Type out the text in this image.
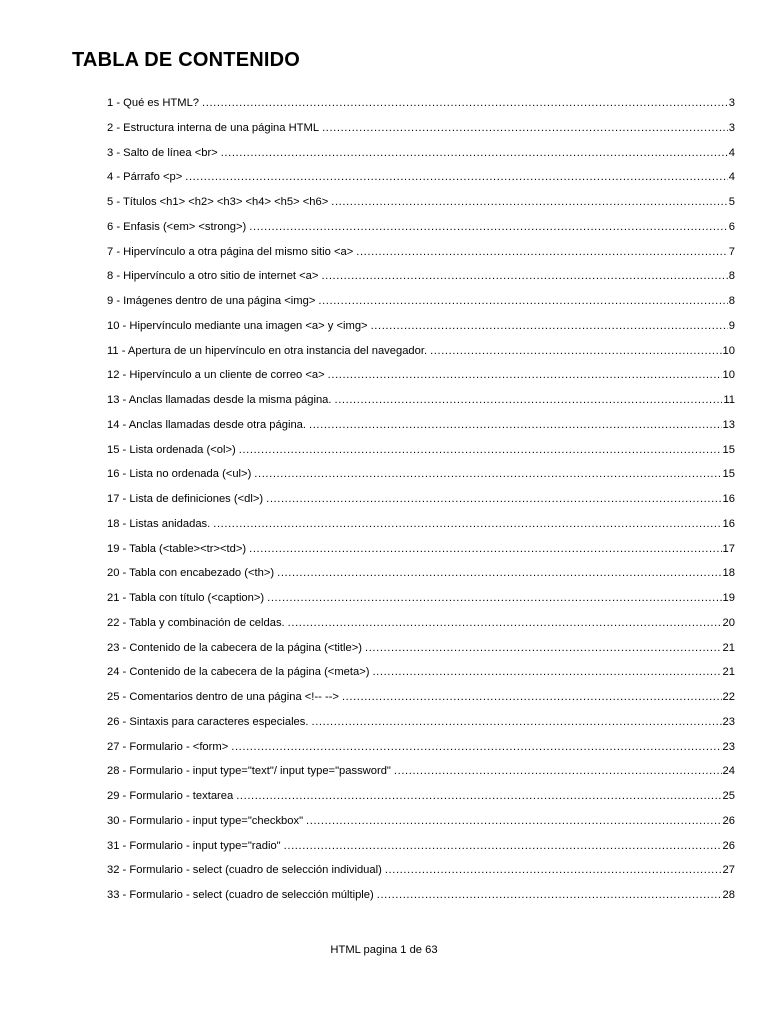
TABLA DE CONTENIDO
1 - Qué es HTML? .....	3
2 - Estructura interna de una página HTML .....	3
3 - Salto de línea <br> .....	4
4 - Párrafo <p> .....	4
5 - Títulos <h1> <h2> <h3> <h4> <h5> <h6> .....	5
6 - Enfasis (<em> <strong>) .....	6
7 - Hipervínculo a otra página del mismo sitio <a> .....	7
8 - Hipervínculo a otro sitio de internet <a> .....	8
9 - Imágenes dentro de una página <img> .....	8
10 - Hipervínculo mediante una imagen <a> y <img> .....	9
11 - Apertura de un hipervínculo en otra instancia del navegador. .....	10
12 - Hipervínculo a un cliente de correo <a> .....	10
13 - Anclas llamadas desde la misma página. .....	11
14 - Anclas llamadas desde otra página. .....	13
15 - Lista ordenada (<ol>) .....	15
16 - Lista no ordenada (<ul>) .....	15
17 - Lista de definiciones (<dl>) .....	16
18 - Listas anidadas. .....	16
19 - Tabla (<table><tr><td>) .....	17
20 - Tabla con encabezado (<th>) .....	18
21 - Tabla con título (<caption>) .....	19
22 - Tabla y combinación de celdas. .....	20
23 - Contenido de la cabecera de la página (<title>) .....	21
24 - Contenido de la cabecera de la página (<meta>) .....	21
25 - Comentarios dentro de una página <!-- --> .....	22
26 - Sintaxis para caracteres especiales. .....	23
27 - Formulario - <form> .....	23
28 - Formulario - input type="text"/ input type="password" .....	24
29 - Formulario - textarea .....	25
30 - Formulario - input type="checkbox" .....	26
31 - Formulario - input type="radio" .....	26
32 - Formulario - select (cuadro de selección individual) .....	27
33 - Formulario - select (cuadro de selección múltiple) .....	28
HTML pagina 1 de 63
